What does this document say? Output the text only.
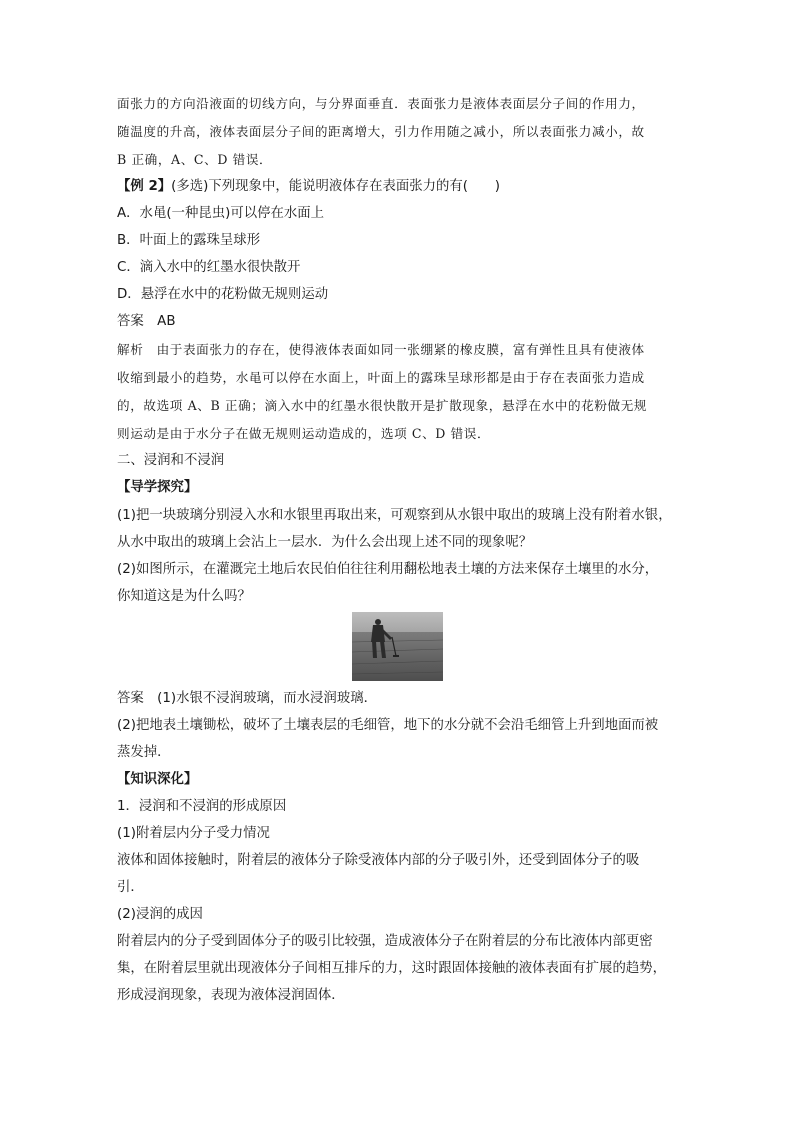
面张力的方向沿液面的切线方向，与分界面垂直．表面张力是液体表面层分子间的作用力，
随温度的升高，液体表面层分子间的距离增大，引力作用随之减小，所以表面张力减小，故
B 正确，A、C、D 错误．
【例 2】(多选)下列现象中，能说明液体存在表面张力的有(　　)
A．水黾(一种昆虫)可以停在水面上
B．叶面上的露珠呈球形
C．滴入水中的红墨水很快散开
D．悬浮在水中的花粉做无规则运动
答案　AB
解析　由于表面张力的存在，使得液体表面如同一张绷紧的橡皮膜，富有弹性且具有使液体
收缩到最小的趋势，水黾可以停在水面上，叶面上的露珠呈球形都是由于存在表面张力造成
的，故选项 A、B 正确；滴入水中的红墨水很快散开是扩散现象，悬浮在水中的花粉做无规
则运动是由于水分子在做无规则运动造成的，选项 C、D 错误．
二、浸润和不浸润
【导学探究】
(1)把一块玻璃分别浸入水和水银里再取出来，可观察到从水银中取出的玻璃上没有附着水银，
从水中取出的玻璃上会沾上一层水．为什么会出现上述不同的现象呢？
(2)如图所示，在灌溉完土地后农民伯伯往往利用翻松地表土壤的方法来保存土壤里的水分，
你知道这是为什么吗？
答案　(1)水银不浸润玻璃，而水浸润玻璃．
(2)把地表土壤锄松，破坏了土壤表层的毛细管，地下的水分就不会沿毛细管上升到地面而被
蒸发掉．
【知识深化】
1．浸润和不浸润的形成原因
(1)附着层内分子受力情况
液体和固体接触时，附着层的液体分子除受液体内部的分子吸引外，还受到固体分子的吸
引．
(2)浸润的成因
附着层内的分子受到固体分子的吸引比较强，造成液体分子在附着层的分布比液体内部更密
集，在附着层里就出现液体分子间相互排斥的力，这时跟固体接触的液体表面有扩展的趋势，
形成浸润现象，表现为液体浸润固体．
